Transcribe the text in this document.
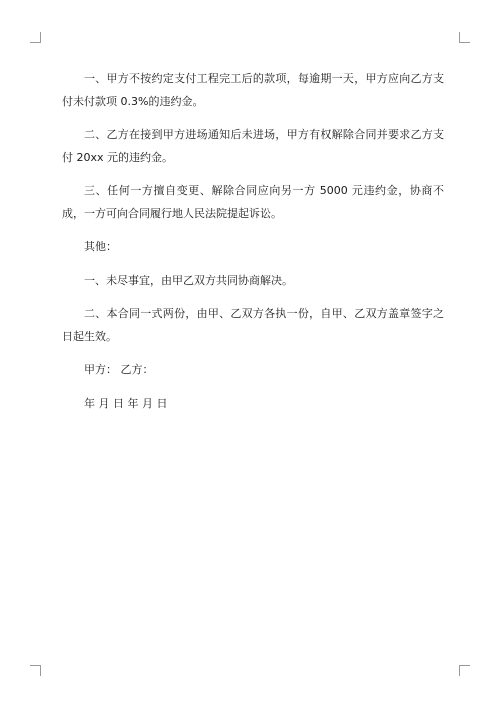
一、甲方不按约定支付工程完工后的款项，每逾期一天，甲方应向乙方支付未付款项 0.3%的违约金。

二、乙方在接到甲方进场通知后未进场，甲方有权解除合同并要求乙方支付 20xx 元的违约金。

三、任何一方擅自变更、解除合同应向另一方 5000 元违约金，协商不成，一方可向合同履行地人民法院提起诉讼。

其他：

一、未尽事宜，由甲乙双方共同协商解决。

二、本合同一式两份，由甲、乙双方各执一份，自甲、乙双方盖章签字之日起生效。

甲方： 乙方：

年 月 日 年 月 日
